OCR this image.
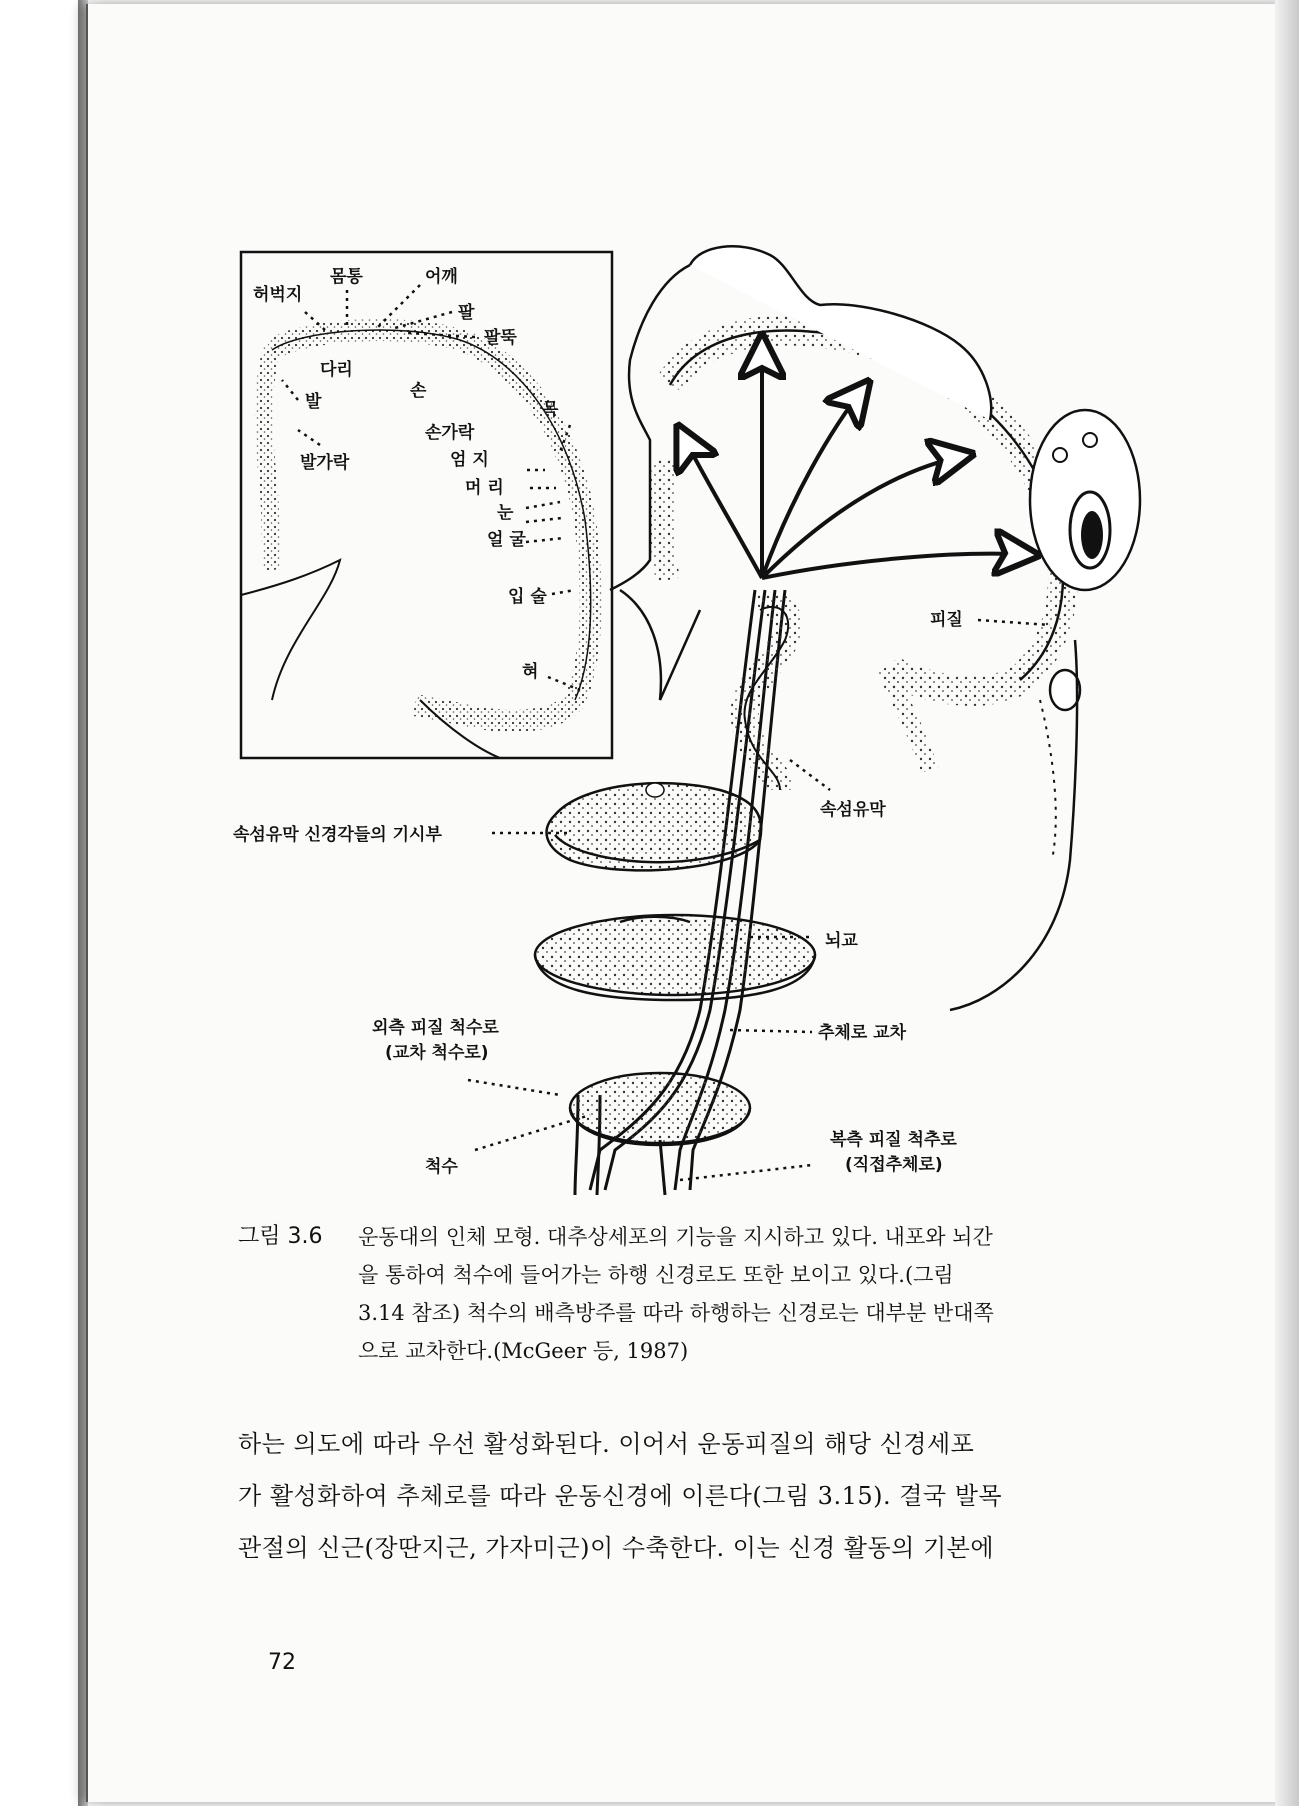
몸통	어깨
허벅지
팔
팔뚝
다리
손
발	목
손가락
발가락	엄 지
머 리
눈
얼 굴
입 술
혀
피질
속섬유막
속섬유막 신경각들의 기시부
뇌교
추체로 교차
외측 피질 척수로
(교차 척수로)
척수
복측 피질 척추로
(직접추체로)
그림 3.6 운동대의 인체 모형. 대추상세포의 기능을 지시하고 있다. 내포와 뇌간
을 통하여 척수에 들어가는 하행 신경로도 또한 보이고 있다.(그림
3.14 참조) 척수의 배측방주를 따라 하행하는 신경로는 대부분 반대쪽
으로 교차한다.(McGeer 등, 1987)
하는 의도에 따라 우선 활성화된다. 이어서 운동피질의 해당 신경세포
가 활성화하여 추체로를 따라 운동신경에 이른다(그림 3.15). 결국 발목
관절의 신근(장딴지근, 가자미근)이 수축한다. 이는 신경 활동의 기본에
72
